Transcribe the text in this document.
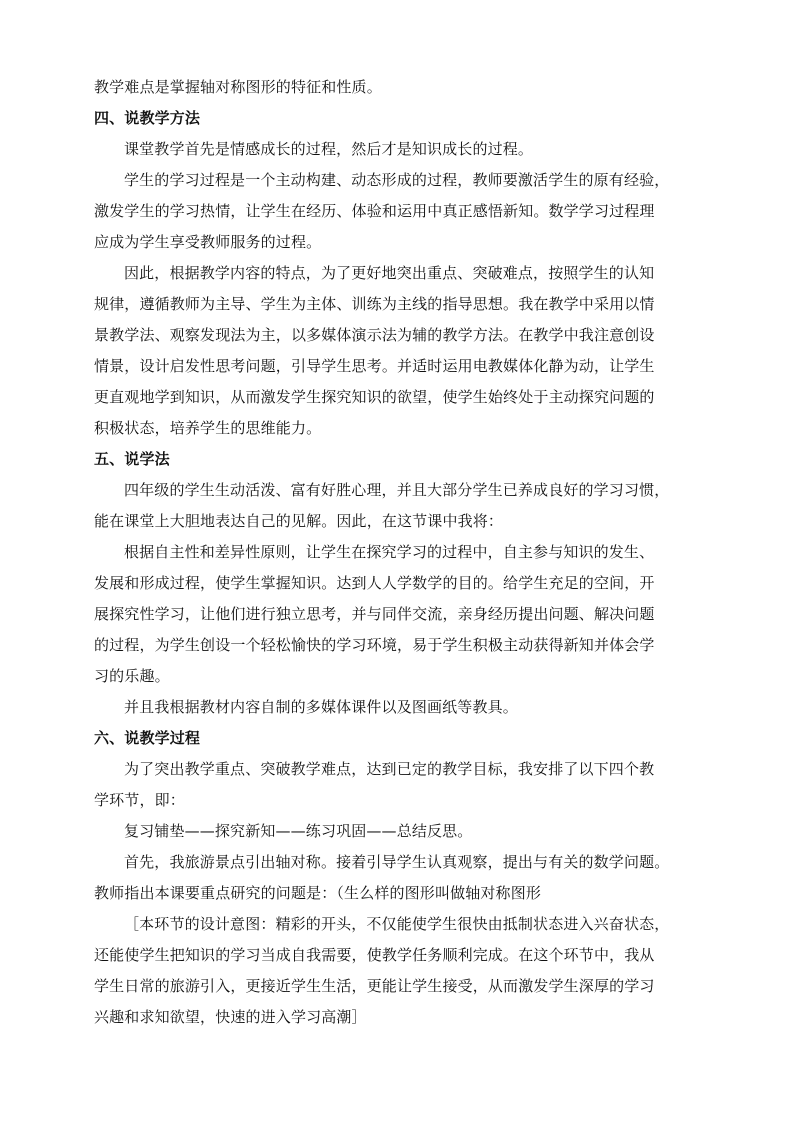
教学难点是掌握轴对称图形的特征和性质。
四、说教学方法
课堂教学首先是情感成长的过程，然后才是知识成长的过程。
学生的学习过程是一个主动构建、动态形成的过程，教师要激活学生的原有经验，
激发学生的学习热情，让学生在经历、体验和运用中真正感悟新知。数学学习过程理
应成为学生享受教师服务的过程。
因此，根据教学内容的特点，为了更好地突出重点、突破难点，按照学生的认知
规律，遵循教师为主导、学生为主体、训练为主线的指导思想。我在教学中采用以情
景教学法、观察发现法为主，以多媒体演示法为辅的教学方法。在教学中我注意创设
情景，设计启发性思考问题，引导学生思考。并适时运用电教媒体化静为动，让学生
更直观地学到知识，从而激发学生探究知识的欲望，使学生始终处于主动探究问题的
积极状态，培养学生的思维能力。
五、说学法
四年级的学生生动活泼、富有好胜心理，并且大部分学生已养成良好的学习习惯，
能在课堂上大胆地表达自己的见解。因此，在这节课中我将：
根据自主性和差异性原则，让学生在探究学习的过程中，自主参与知识的发生、
发展和形成过程，使学生掌握知识。达到人人学数学的目的。给学生充足的空间，开
展探究性学习，让他们进行独立思考，并与同伴交流，亲身经历提出问题、解决问题
的过程，为学生创设一个轻松愉快的学习环境，易于学生积极主动获得新知并体会学
习的乐趣。
并且我根据教材内容自制的多媒体课件以及图画纸等教具。
六、说教学过程
为了突出教学重点、突破教学难点，达到已定的教学目标，我安排了以下四个教
学环节，即：
复习铺垫——探究新知——练习巩固——总结反思。
首先，我旅游景点引出轴对称。接着引导学生认真观察，提出与有关的数学问题。
教师指出本课要重点研究的问题是：（生么样的图形叫做轴对称图形
［本环节的设计意图：精彩的开头，不仅能使学生很快由抵制状态进入兴奋状态，
还能使学生把知识的学习当成自我需要，使教学任务顺利完成。在这个环节中，我从
学生日常的旅游引入，更接近学生生活，更能让学生接受，从而激发学生深厚的学习
兴趣和求知欲望，快速的进入学习高潮］
